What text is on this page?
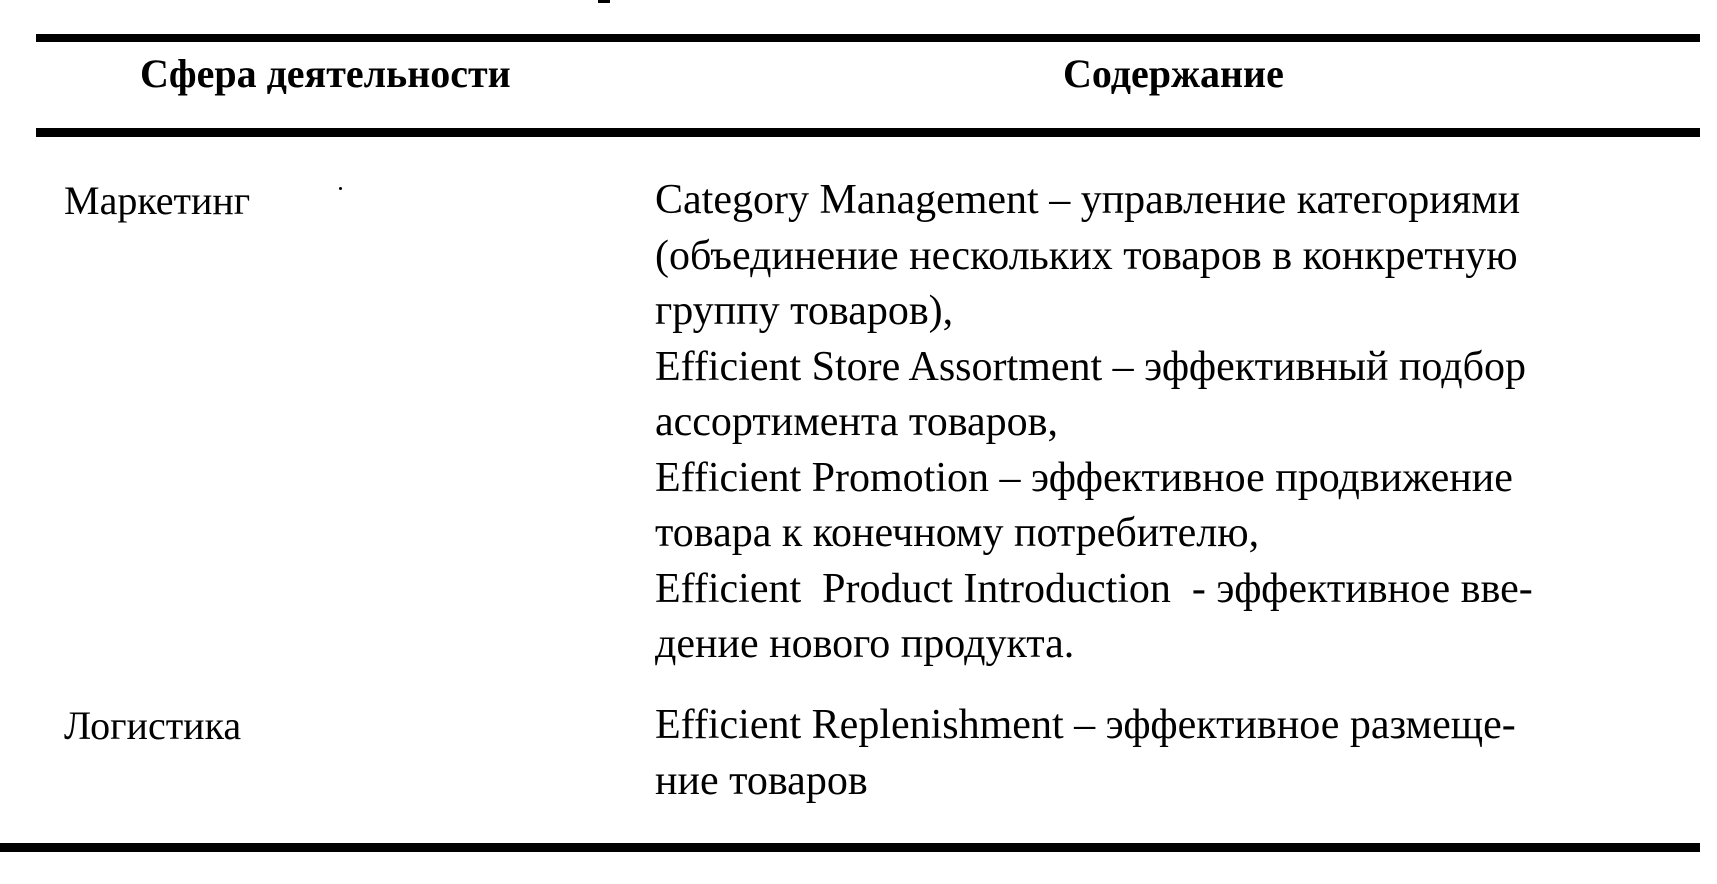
Сфера деятельности	Содержание
Маркетинг	Category Management – управление категориями
(объединение нескольких товаров в конкретную
группу товаров),
Efficient Store Assortment – эффективный подбор
ассортимента товаров,
Efficient Promotion – эффективное продвижение
товара к конечному потребителю,
Efficient  Product Introduction  - эффективное вве-
дение нового продукта.
Логистика	Efficient Replenishment – эффективное размеще-
ние товаров
